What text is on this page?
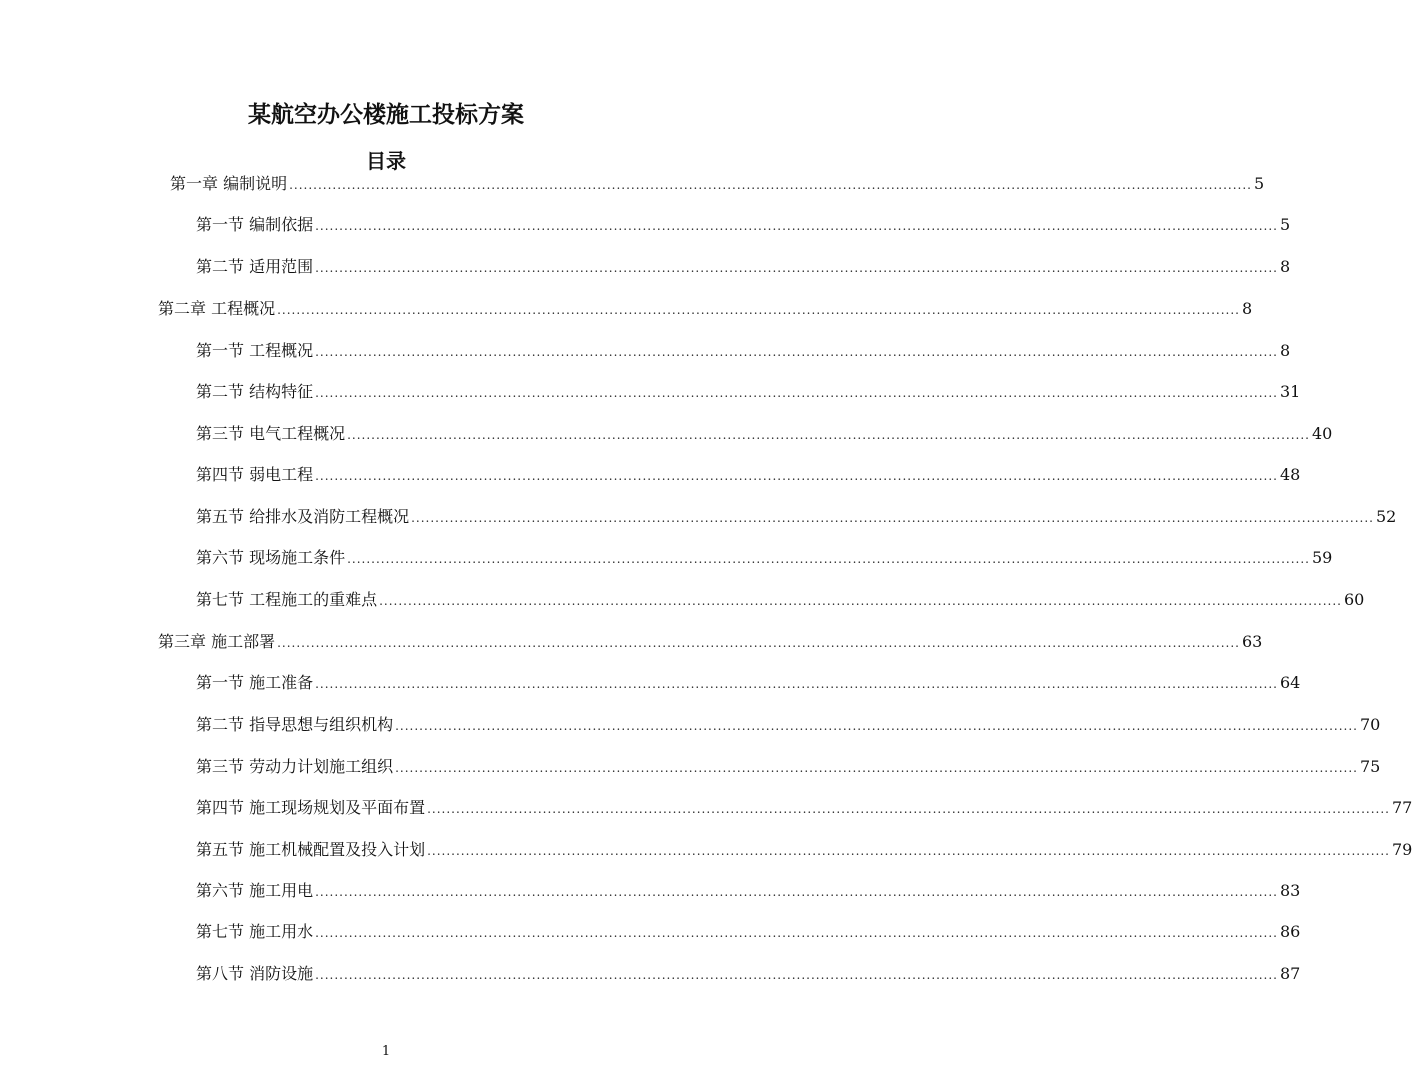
某航空办公楼施工投标方案
目录
第一章 编制说明 ........................................................................................................................................................................................................ 5
第一节 编制依据 ........................................................................................................................................................................................................ 5
第二节 适用范围 ........................................................................................................................................................................................................ 8
第二章 工程概况 ........................................................................................................................................................................................................ 8
第一节 工程概况 ........................................................................................................................................................................................................ 8
第二节 结构特征 ........................................................................................................................................................................................................ 31
第三节 电气工程概况 ........................................................................................................................................................................................................ 40
第四节 弱电工程 ........................................................................................................................................................................................................ 48
第五节 给排水及消防工程概况 ........................................................................................................................................................................................................ 52
第六节 现场施工条件 ........................................................................................................................................................................................................ 59
第七节 工程施工的重难点 ........................................................................................................................................................................................................ 60
第三章 施工部署 ........................................................................................................................................................................................................ 63
第一节 施工准备 ........................................................................................................................................................................................................ 64
第二节 指导思想与组织机构 ........................................................................................................................................................................................................ 70
第三节 劳动力计划施工组织 ........................................................................................................................................................................................................ 75
第四节 施工现场规划及平面布置 ........................................................................................................................................................................................................ 77
第五节 施工机械配置及投入计划 ........................................................................................................................................................................................................ 79
第六节 施工用电 ........................................................................................................................................................................................................ 83
第七节 施工用水 ........................................................................................................................................................................................................ 86
第八节 消防设施 ........................................................................................................................................................................................................ 87
1
